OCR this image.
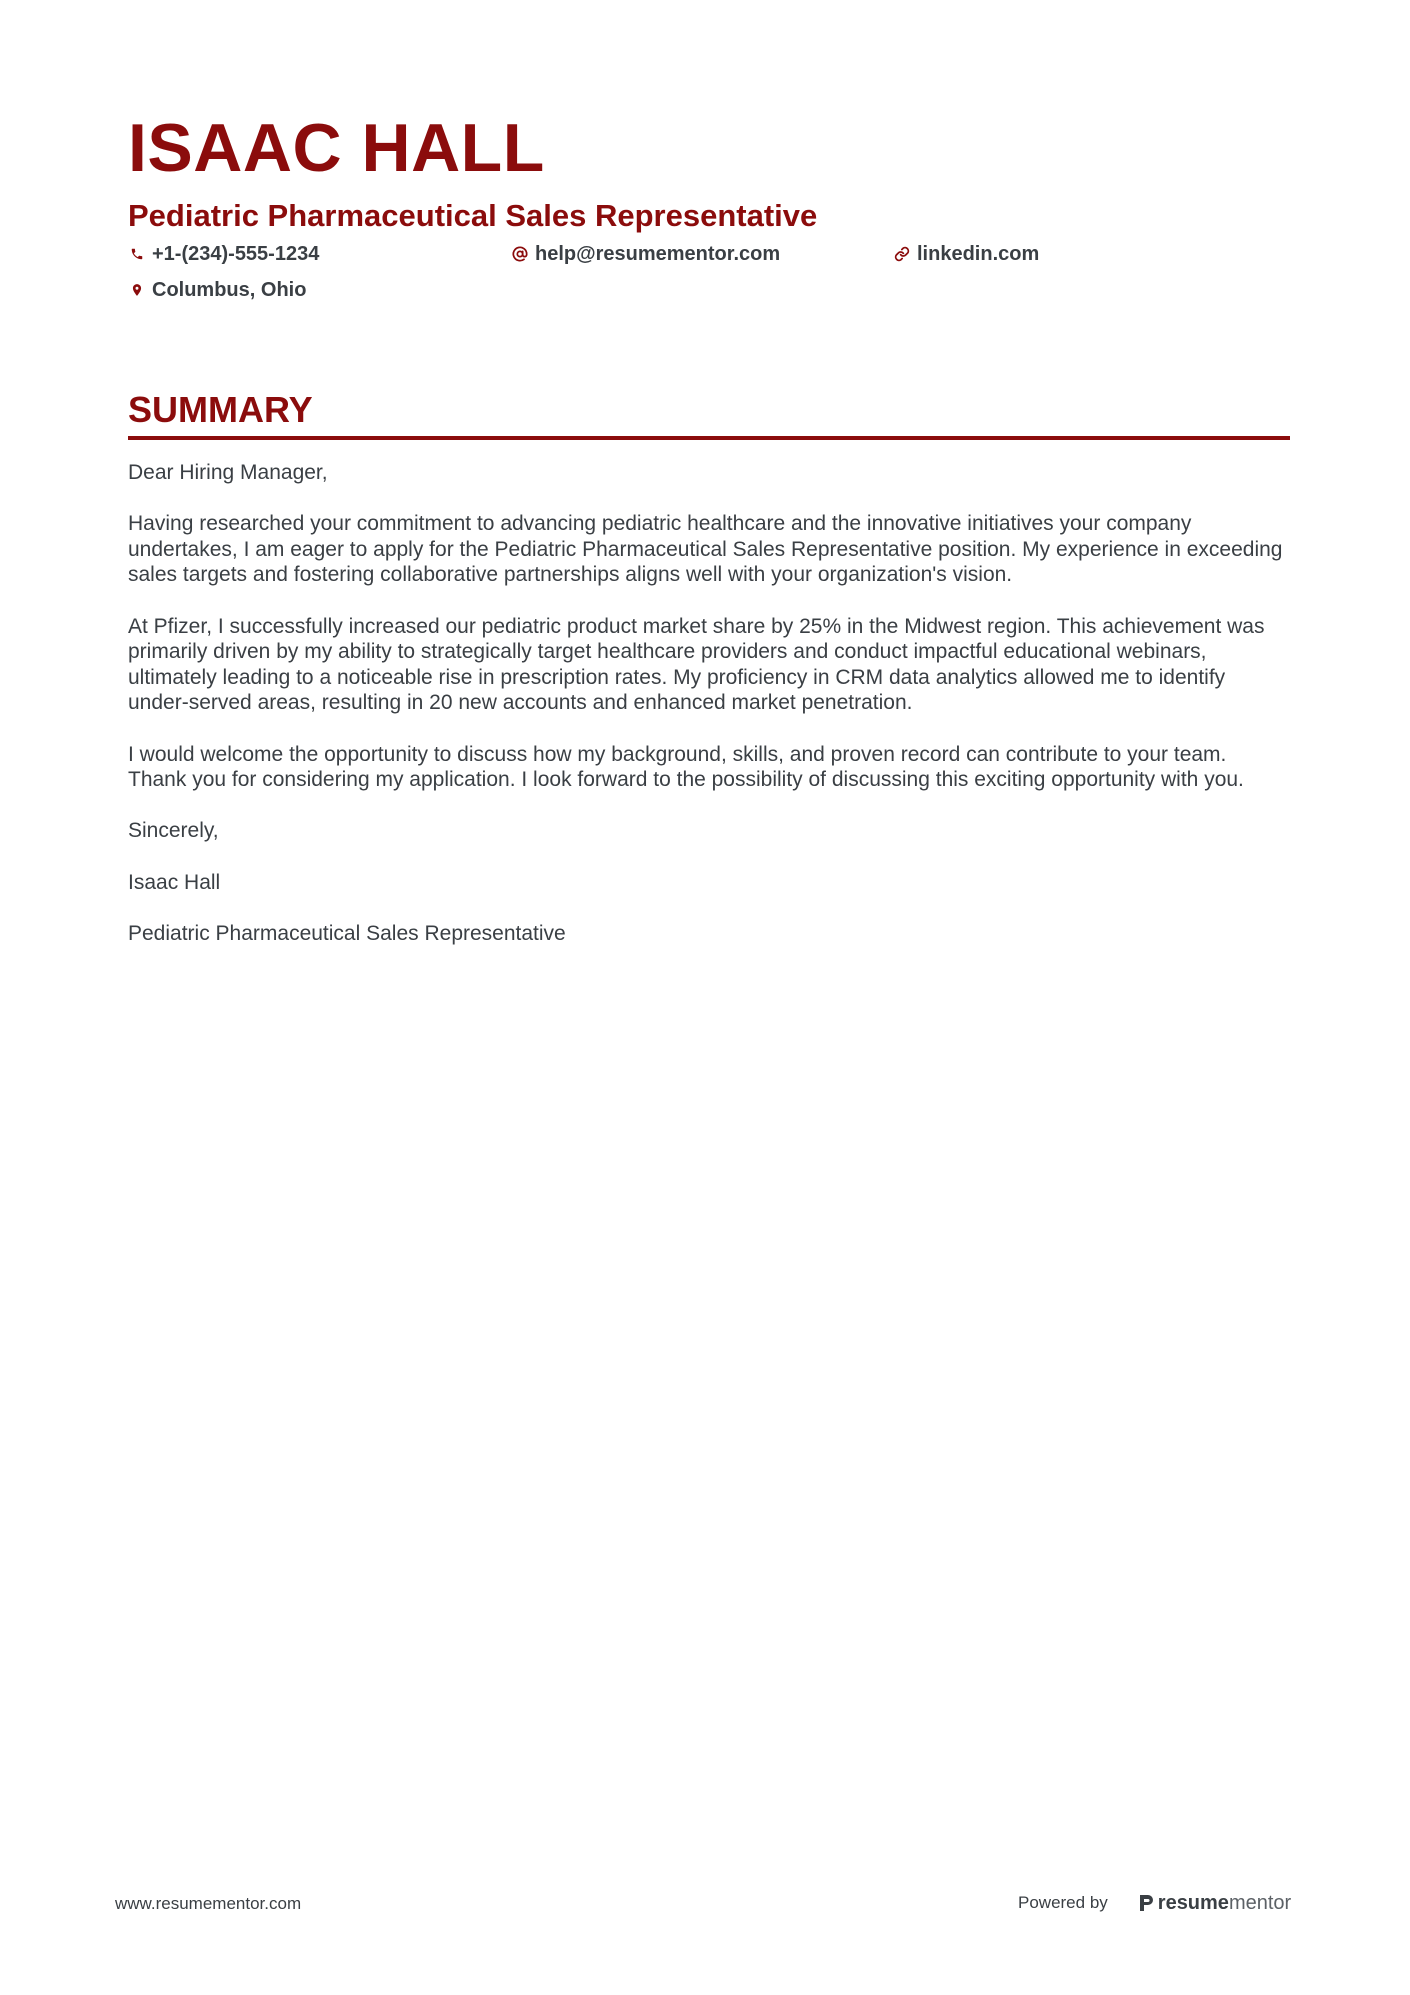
ISAAC HALL
Pediatric Pharmaceutical Sales Representative
+1-(234)-555-1234	help@resumementor.com	linkedin.com
Columbus, Ohio
SUMMARY

Dear Hiring Manager,

Having researched your commitment to advancing pediatric healthcare and the innovative initiatives your company undertakes, I am eager to apply for the Pediatric Pharmaceutical Sales Representative position. My experience in exceeding sales targets and fostering collaborative partnerships aligns well with your organization's vision.

At Pfizer, I successfully increased our pediatric product market share by 25% in the Midwest region. This achievement was primarily driven by my ability to strategically target healthcare providers and conduct impactful educational webinars, ultimately leading to a noticeable rise in prescription rates. My proficiency in CRM data analytics allowed me to identify under-served areas, resulting in 20 new accounts and enhanced market penetration.

I would welcome the opportunity to discuss how my background, skills, and proven record can contribute to your team. Thank you for considering my application. I look forward to the possibility of discussing this exciting opportunity with you.

Sincerely,

Isaac Hall

Pediatric Pharmaceutical Sales Representative

www.resumementor.com	Powered by	resume mentor
